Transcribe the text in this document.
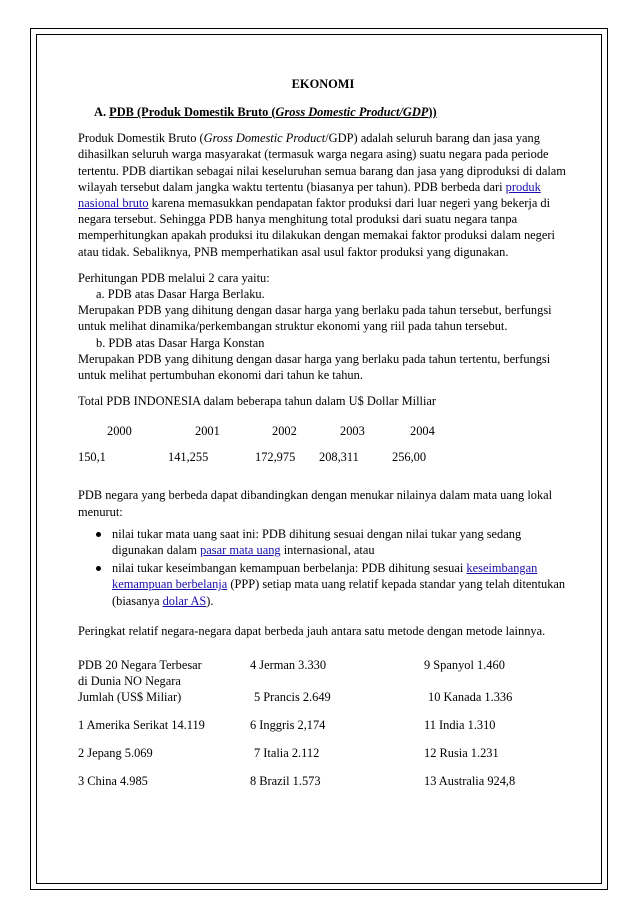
EKONOMI
A. PDB (Produk Domestik Bruto (Gross Domestic Product/GDP))
Produk Domestik Bruto (Gross Domestic Product/GDP) adalah seluruh barang dan jasa yang dihasilkan seluruh warga masyarakat (termasuk warga negara asing) suatu negara pada periode tertentu. PDB diartikan sebagai nilai keseluruhan semua barang dan jasa yang diproduksi di dalam wilayah tersebut dalam jangka waktu tertentu (biasanya per tahun). PDB berbeda dari produk nasional bruto karena memasukkan pendapatan faktor produksi dari luar negeri yang bekerja di negara tersebut. Sehingga PDB hanya menghitung total produksi dari suatu negara tanpa memperhitungkan apakah produksi itu dilakukan dengan memakai faktor produksi dalam negeri atau tidak. Sebaliknya, PNB memperhatikan asal usul faktor produksi yang digunakan.
Perhitungan PDB melalui 2 cara yaitu:
a. PDB atas Dasar Harga Berlaku.
Merupakan PDB yang dihitung dengan dasar harga yang berlaku pada tahun tersebut, berfungsi untuk melihat dinamika/perkembangan struktur ekonomi yang riil pada tahun tersebut.
b. PDB atas Dasar Harga Konstan
Merupakan PDB yang dihitung dengan dasar harga yang berlaku pada tahun tertentu, berfungsi untuk melihat pertumbuhan ekonomi dari tahun ke tahun.
Total PDB INDONESIA dalam beberapa tahun dalam U$ Dollar Milliar
2000	2001	2002	2003	2004
150,1	141,255	172,975 208,311	256,00
PDB negara yang berbeda dapat dibandingkan dengan menukar nilainya dalam mata uang lokal menurut:
nilai tukar mata uang saat ini: PDB dihitung sesuai dengan nilai tukar yang sedang digunakan dalam pasar mata uang internasional, atau
nilai tukar keseimbangan kemampuan berbelanja: PDB dihitung sesuai keseimbangan kemampuan berbelanja (PPP) setiap mata uang relatif kepada standar yang telah ditentukan (biasanya dolar AS).
Peringkat relatif negara-negara dapat berbeda jauh antara satu metode dengan metode lainnya.
PDB 20 Negara Terbesar	4 Jerman 3.330	9 Spanyol 1.460
di Dunia NO Negara
Jumlah (US$ Miliar)	5 Prancis 2.649	10 Kanada 1.336
1 Amerika Serikat 14.119	6 Inggris 2,174	11 India 1.310
2 Jepang 5.069	7 Italia 2.112	12 Rusia 1.231
3 China 4.985	8 Brazil 1.573	13 Australia 924,8
